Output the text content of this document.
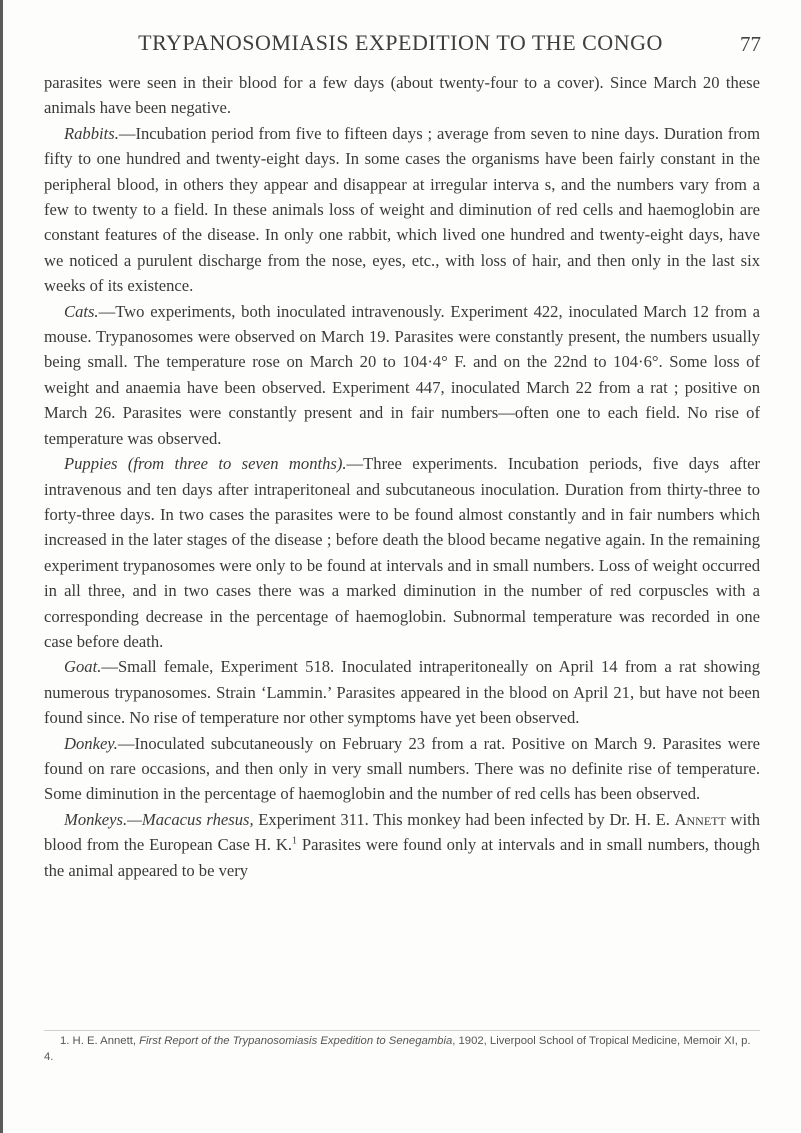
TRYPANOSOMIASIS EXPEDITION TO THE CONGO	77

parasites were seen in their blood for a few days (about twenty-four to a cover). Since March 20 these animals have been negative.

Rabbits.—Incubation period from five to fifteen days ; average from seven to nine days. Duration from fifty to one hundred and twenty-eight days. In some cases the organisms have been fairly constant in the peripheral blood, in others they appear and disappear at irregular interva s, and the numbers vary from a few to twenty to a field. In these animals loss of weight and diminution of red cells and haemoglobin are constant features of the disease. In only one rabbit, which lived one hundred and twenty-eight days, have we noticed a purulent discharge from the nose, eyes, etc., with loss of hair, and then only in the last six weeks of its existence.

Cats.—Two experiments, both inoculated intravenously. Experiment 422, inoculated March 12 from a mouse. Trypanosomes were observed on March 19. Parasites were constantly present, the numbers usually being small. The temperature rose on March 20 to 104·4° F. and on the 22nd to 104·6°. Some loss of weight and anaemia have been observed. Experiment 447, inoculated March 22 from a rat ; positive on March 26. Parasites were constantly present and in fair numbers—often one to each field. No rise of temperature was observed.

Puppies (from three to seven months).—Three experiments. Incubation periods, five days after intravenous and ten days after intraperitoneal and subcutaneous inoculation. Duration from thirty-three to forty-three days. In two cases the parasites were to be found almost constantly and in fair numbers which increased in the later stages of the disease ; before death the blood became negative again. In the remaining experiment trypanosomes were only to be found at intervals and in small numbers. Loss of weight occurred in all three, and in two cases there was a marked diminution in the number of red corpuscles with a corresponding decrease in the percentage of haemoglobin. Subnormal temperature was recorded in one case before death.

Goat.—Small female, Experiment 518. Inoculated intraperitoneally on April 14 from a rat showing numerous trypanosomes. Strain ‘Lammin.’ Parasites appeared in the blood on April 21, but have not been found since. No rise of temperature nor other symptoms have yet been observed.

Donkey.—Inoculated subcutaneously on February 23 from a rat. Positive on March 9. Parasites were found on rare occasions, and then only in very small numbers. There was no definite rise of temperature. Some diminution in the percentage of haemoglobin and the number of red cells has been observed.

Monkeys.—Macacus rhesus, Experiment 311. This monkey had been infected by Dr. H. E. Annett with blood from the European Case H. K.$^1$ Parasites were found only at intervals and in small numbers, though the animal appeared to be very

1. H. E. Annett, First Report of the Trypanosomiasis Expedition to Senegambia, 1902, Liverpool School of Tropical Medicine, Memoir XI, p. 4.
